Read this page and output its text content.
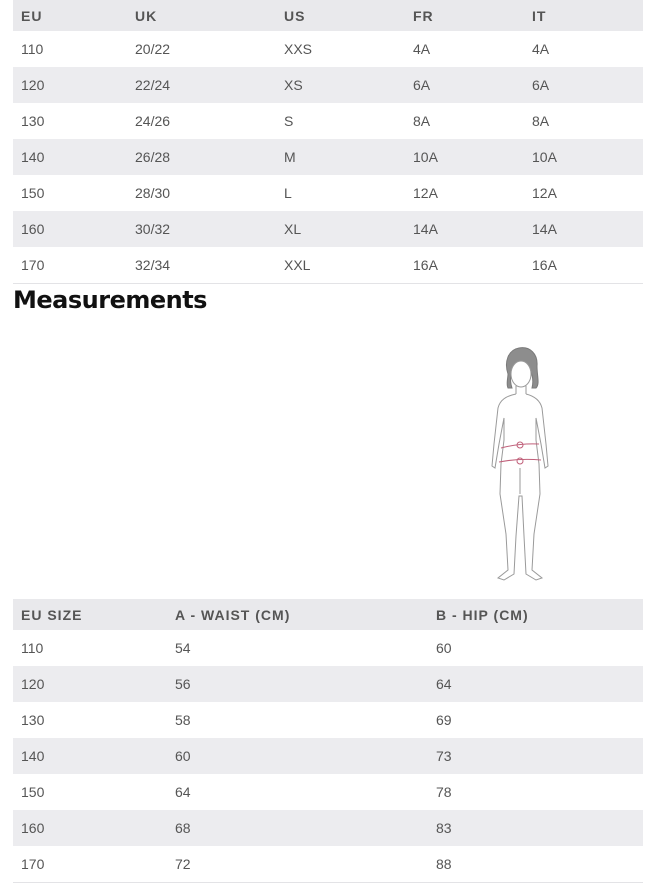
EU	UK	US	FR	IT
110	20/22	XXS	4A	4A
120	22/24	XS	6A	6A
130	24/26	S	8A	8A
140	26/28	M	10A	10A
150	28/30	L	12A	12A
160	30/32	XL	14A	14A
170	32/34	XXL	16A	16A
Measurements
EU SIZE	A - WAIST (CM)	B - HIP (CM)
110	54	60
120	56	64
130	58	69
140	60	73
150	64	78
160	68	83
170	72	88
